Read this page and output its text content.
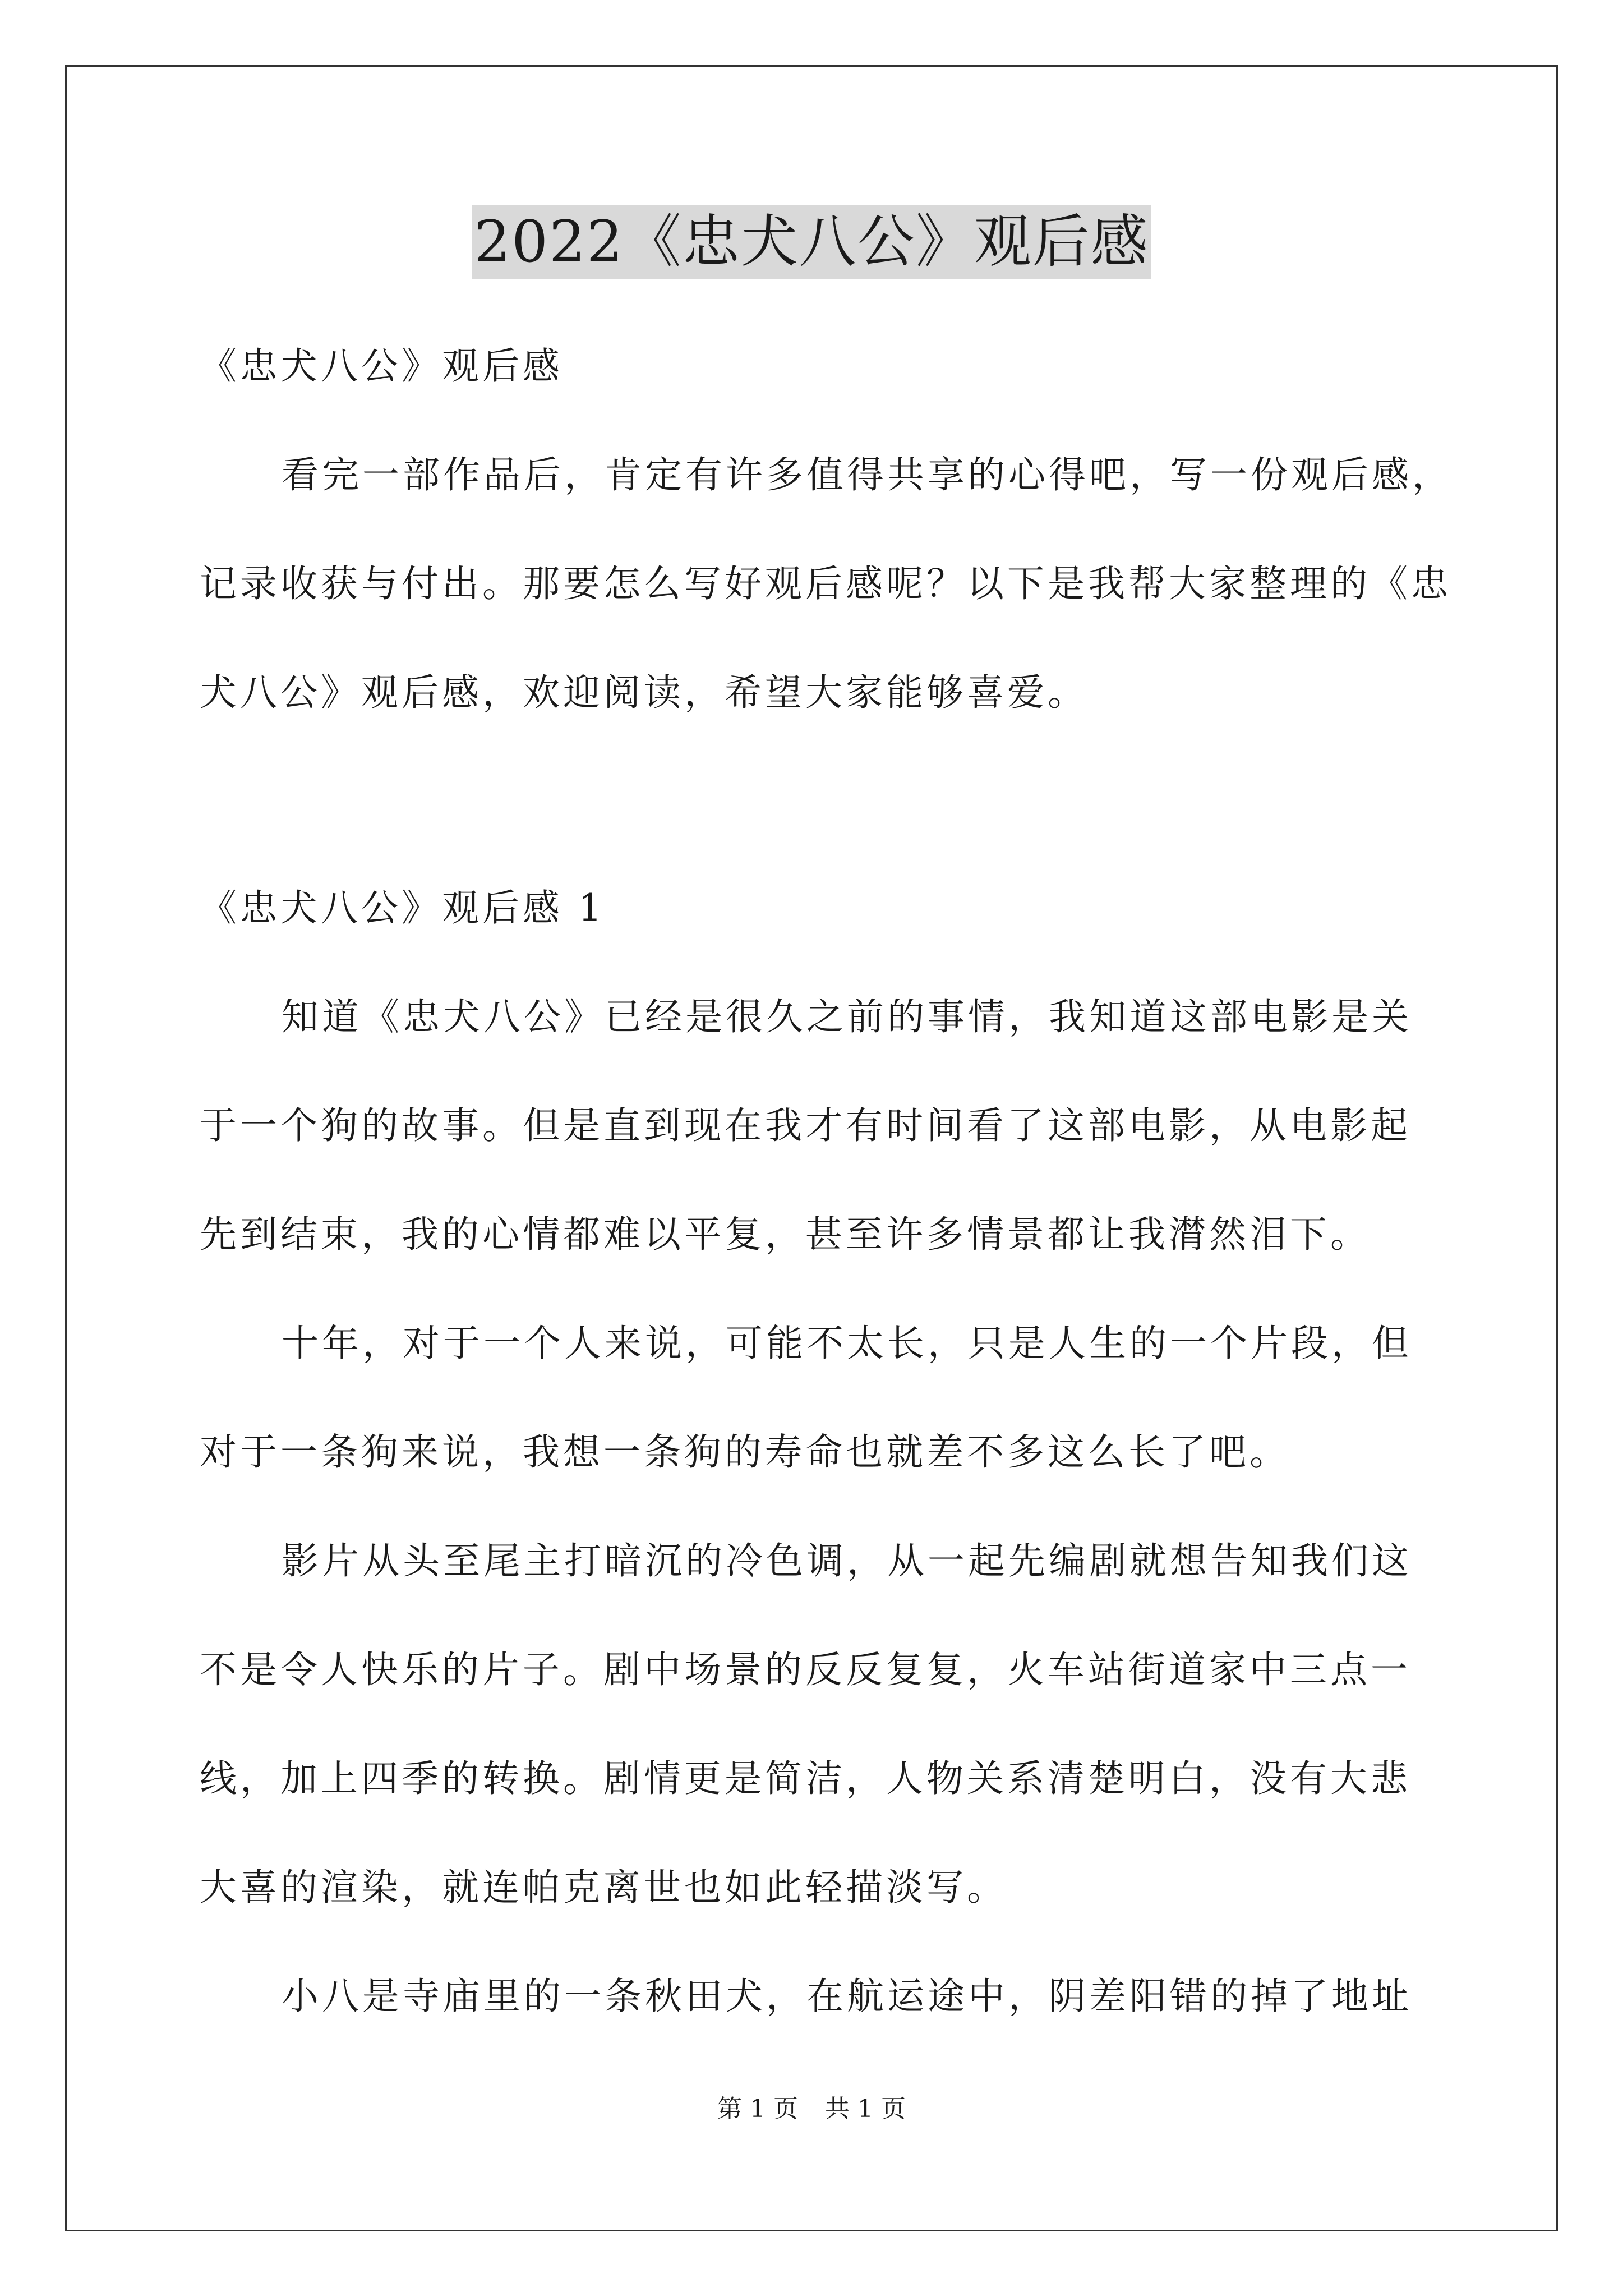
2022《忠犬八公》观后感
《忠犬八公》观后感
看完一部作品后，肯定有许多值得共享的心得吧，写一份观后感，
记录收获与付出。那要怎么写好观后感呢？以下是我帮大家整理的《忠
犬八公》观后感，欢迎阅读，希望大家能够喜爱。
《忠犬八公》观后感 1
知道《忠犬八公》已经是很久之前的事情，我知道这部电影是关
于一个狗的故事。但是直到现在我才有时间看了这部电影，从电影起
先到结束，我的心情都难以平复，甚至许多情景都让我潸然泪下。
十年，对于一个人来说，可能不太长，只是人生的一个片段，但
对于一条狗来说，我想一条狗的寿命也就差不多这么长了吧。
影片从头至尾主打暗沉的冷色调，从一起先编剧就想告知我们这
不是令人快乐的片子。剧中场景的反反复复，火车站街道家中三点一
线，加上四季的转换。剧情更是简洁，人物关系清楚明白，没有大悲
大喜的渲染，就连帕克离世也如此轻描淡写。
小八是寺庙里的一条秋田犬，在航运途中，阴差阳错的掉了地址
第 1 页 共 1 页
